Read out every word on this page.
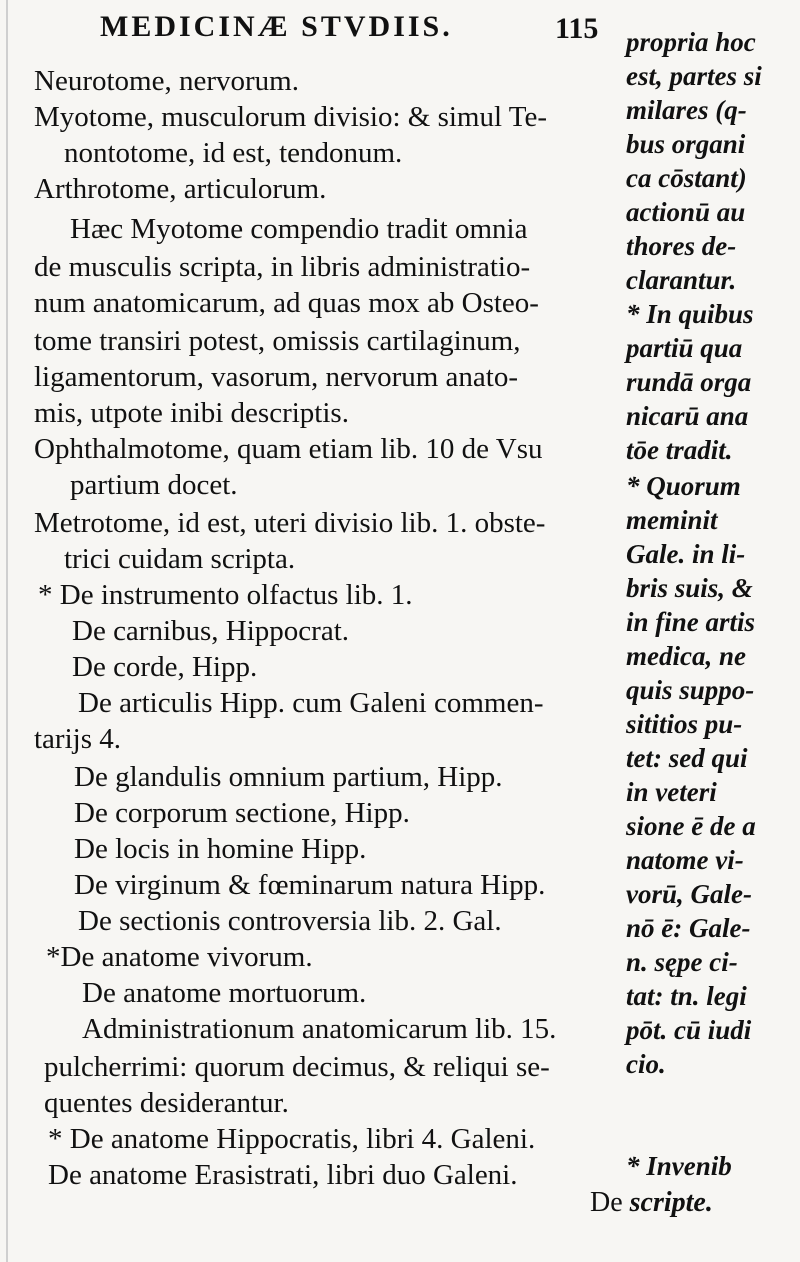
MEDICINÆ STVDIIS.	115
Neurotome, nervorum.
Myotome, musculorum divisio: & simul Te-
nontotome, id est, tendonum.
Arthrotome, articulorum.
Hæc Myotome compendio tradit omnia
de musculis scripta, in libris administratio-
num anatomicarum, ad quas mox ab Osteo-
tome transiri potest, omissis cartilaginum,
ligamentorum, vasorum, nervorum anato-
mis, utpote inibi descriptis.
Ophthalmotome, quam etiam lib. 10 de Vsu
partium docet.
Metrotome, id est, uteri divisio lib. 1. obste-
trici cuidam scripta.
* De instrumento olfactus lib. 1.
De carnibus, Hippocrat.
De corde, Hipp.
De articulis Hipp. cum Galeni commen-
tarijs 4.
De glandulis omnium partium, Hipp.
De corporum sectione, Hipp.
De locis in homine Hipp.
De virginum & fœminarum natura Hipp.
De sectionis controversia lib. 2. Gal.
*De anatome vivorum.
De anatome mortuorum.
Administrationum anatomicarum lib. 15.
pulcherrimi: quorum decimus, & reliqui se-
quentes desiderantur.
* De anatome Hippocratis, libri 4. Galeni.
De anatome Erasistrati, libri duo Galeni.
propria hoc
est, partes si
milares (q-
bus organi
ca cōstant)
actionū au
thores de-
clarantur.
* In quibus
partiū qua
rundā orga
nicarū ana
tōe tradit.
* Quorum
meminit
Gale. in li-
bris suis, &
in fine artis
medica, ne
quis suppo-
sititios pu-
tet: sed qui
in veteri
sione ē de a
natome vi-
vorū, Gale-
nō ē: Gale-
n. sępe ci-
tat: tn. legi
pōt. cū iudi
cio.
* Invenib
De scripte.
